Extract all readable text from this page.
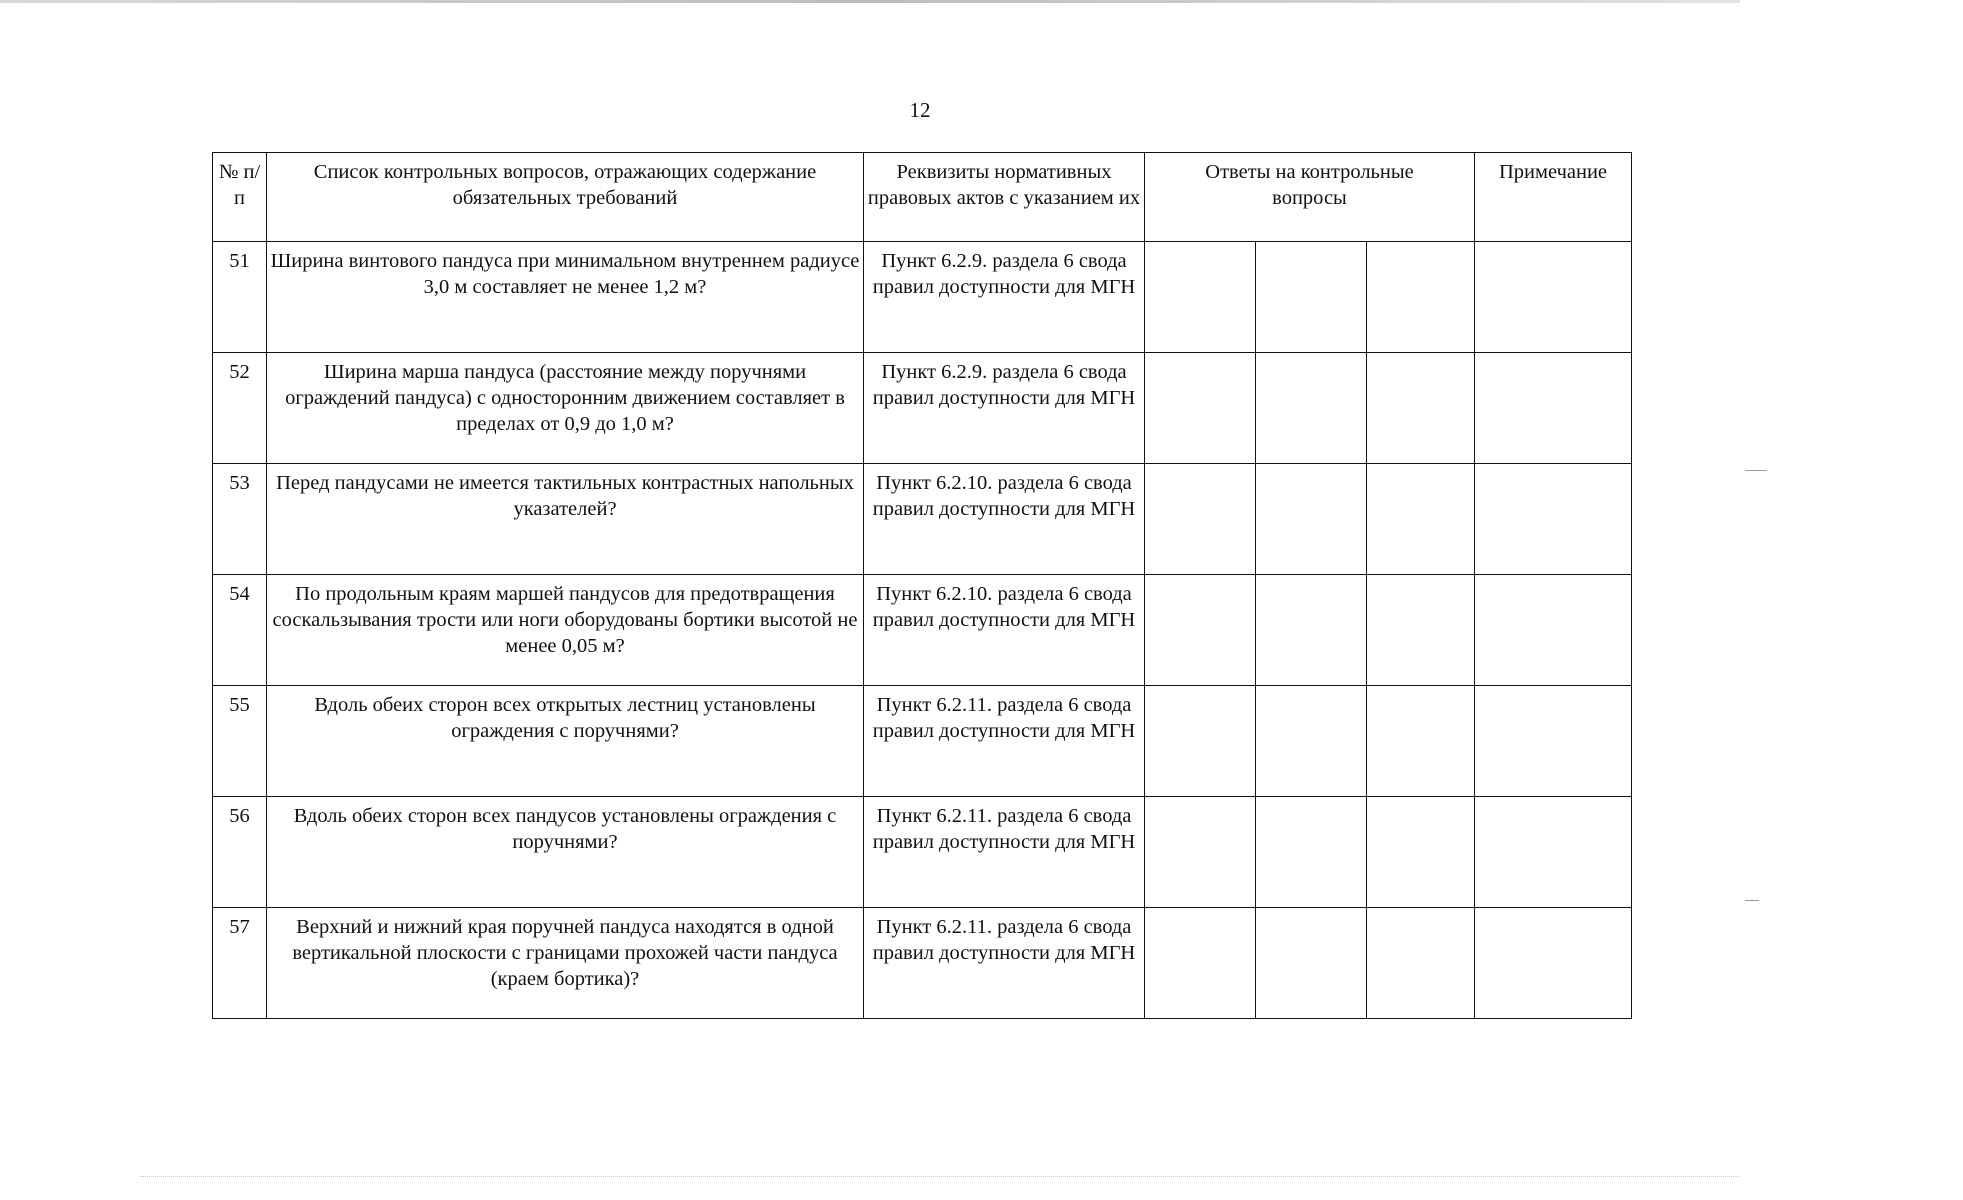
12
№ п/п	Список контрольных вопросов, отражающих содержание обязательных требований	Реквизиты нормативных правовых актов с указанием их	Ответы на контрольные вопросы			Примечание

51	Ширина винтового пандуса при минимальном внутреннем радиусе 3,0 м составляет не менее 1,2 м?	Пункт 6.2.9. раздела 6 свода правил доступности для МГН				
52	Ширина марша пандуса (расстояние между поручнями ограждений пандуса) с односторонним движением составляет в пределах от 0,9 до 1,0 м?	Пункт 6.2.9. раздела 6 свода правил доступности для МГН				
53	Перед пандусами не имеется тактильных контрастных напольных указателей?	Пункт 6.2.10. раздела 6 свода правил доступности для МГН				
54	По продольным краям маршей пандусов для предотвращения соскальзывания трости или ноги оборудованы бортики высотой не менее 0,05 м?	Пункт 6.2.10. раздела 6 свода правил доступности для МГН				
55	Вдоль обеих сторон всех открытых лестниц установлены ограждения с поручнями?	Пункт 6.2.11. раздела 6 свода правил доступности для МГН				
56	Вдоль обеих сторон всех пандусов установлены ограждения с поручнями?	Пункт 6.2.11. раздела 6 свода правил доступности для МГН				
57	Верхний и нижний края поручней пандуса находятся в одной вертикальной плоскости с границами прохожей части пандуса (краем бортика)?	Пункт 6.2.11. раздела 6 свода правил доступности для МГН				
